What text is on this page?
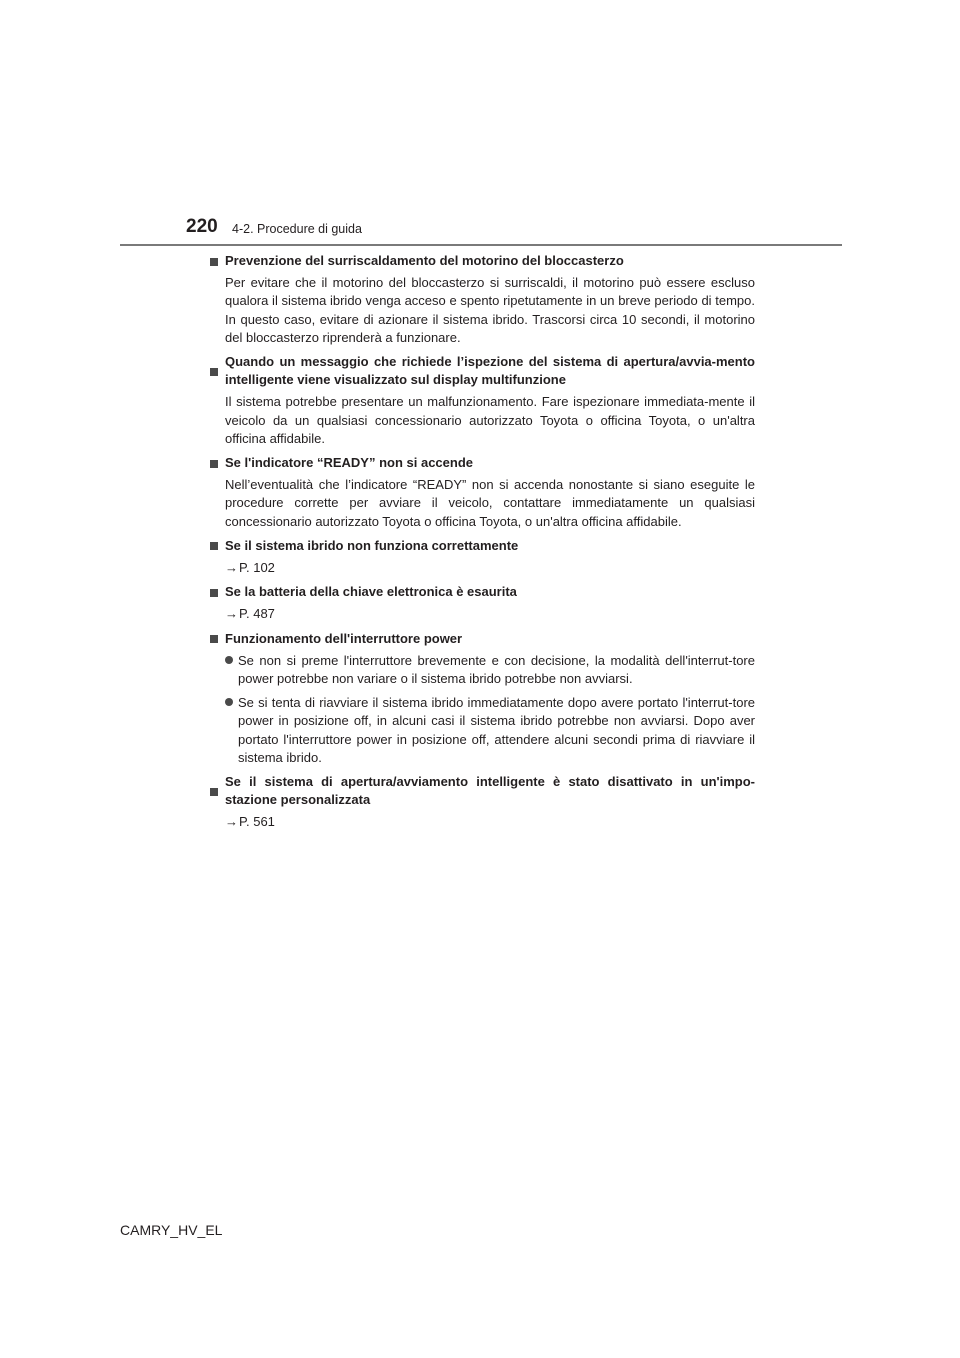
220 4-2. Procedure di guida
Prevenzione del surriscaldamento del motorino del bloccasterzo
Per evitare che il motorino del bloccasterzo si surriscaldi, il motorino può essere escluso qualora il sistema ibrido venga acceso e spento ripetutamente in un breve periodo di tempo. In questo caso, evitare di azionare il sistema ibrido. Trascorsi circa 10 secondi, il motorino del bloccasterzo riprenderà a funzionare.
Quando un messaggio che richiede l’ispezione del sistema di apertura/avvia-mento intelligente viene visualizzato sul display multifunzione
Il sistema potrebbe presentare un malfunzionamento. Fare ispezionare immediata-mente il veicolo da un qualsiasi concessionario autorizzato Toyota o officina Toyota, o un'altra officina affidabile.
Se l'indicatore “READY” non si accende
Nell’eventualità che l’indicatore “READY” non si accenda nonostante si siano eseguite le procedure corrette per avviare il veicolo, contattare immediatamente un qualsiasi concessionario autorizzato Toyota o officina Toyota, o un'altra officina affidabile.
Se il sistema ibrido non funziona correttamente
→P. 102
Se la batteria della chiave elettronica è esaurita
→P. 487
Funzionamento dell'interruttore power
Se non si preme l'interruttore brevemente e con decisione, la modalità dell'interrut-tore power potrebbe non variare o il sistema ibrido potrebbe non avviarsi.
Se si tenta di riavviare il sistema ibrido immediatamente dopo avere portato l'interrut-tore power in posizione off, in alcuni casi il sistema ibrido potrebbe non avviarsi. Dopo aver portato l'interruttore power in posizione off, attendere alcuni secondi prima di riavviare il sistema ibrido.
Se il sistema di apertura/avviamento intelligente è stato disattivato in un'impo-stazione personalizzata
→P. 561
CAMRY_HV_EL
